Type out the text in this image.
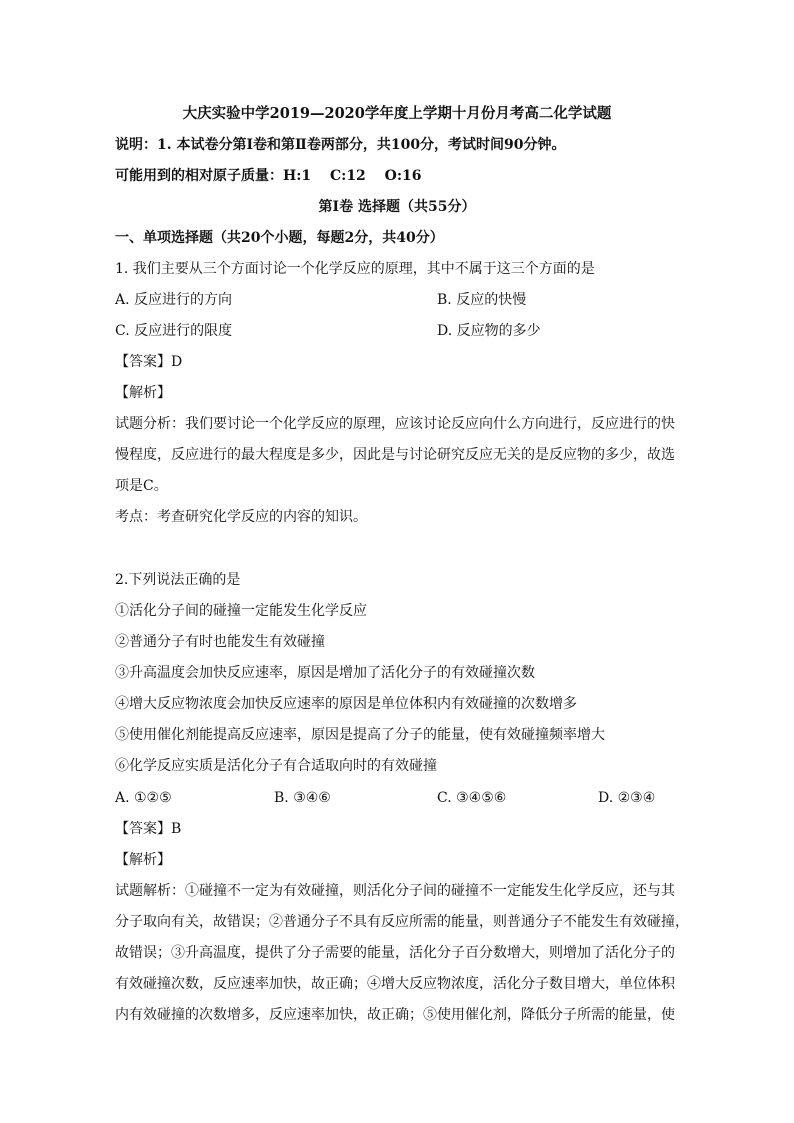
大庆实验中学2019—2020学年度上学期十月份月考高二化学试题
说明：1. 本试卷分第Ⅰ卷和第Ⅱ卷两部分，共100分，考试时间90分钟。
可能用到的相对原子质量：H:1　 C:12　 O:16
第Ⅰ卷 选择题（共55分）
一、单项选择题（共20个小题，每题2分，共40分）
1. 我们主要从三个方面讨论一个化学反应的原理，其中不属于这三个方面的是
A. 反应进行的方向	B. 反应的快慢
C. 反应进行的限度	D. 反应物的多少
【答案】D
【解析】
试题分析：我们要讨论一个化学反应的原理，应该讨论反应向什么方向进行，反应进行的快
慢程度，反应进行的最大程度是多少，因此是与讨论研究反应无关的是反应物的多少，故选
项是C。
考点：考查研究化学反应的内容的知识。
2.下列说法正确的是
①活化分子间的碰撞一定能发生化学反应
②普通分子有时也能发生有效碰撞
③升高温度会加快反应速率，原因是增加了活化分子的有效碰撞次数
④增大反应物浓度会加快反应速率的原因是单位体积内有效碰撞的次数增多
⑤使用催化剂能提高反应速率，原因是提高了分子的能量，使有效碰撞频率增大
⑥化学反应实质是活化分子有合适取向时的有效碰撞
A. ①②⑤	B. ③④⑥	C. ③④⑤⑥	D. ②③④
【答案】B
【解析】
试题解析：①碰撞不一定为有效碰撞，则活化分子间的碰撞不一定能发生化学反应，还与其
分子取向有关，故错误；②普通分子不具有反应所需的能量，则普通分子不能发生有效碰撞，
故错误；③升高温度，提供了分子需要的能量，活化分子百分数增大，则增加了活化分子的
有效碰撞次数，反应速率加快，故正确；④增大反应物浓度，活化分子数目增大，单位体积
内有效碰撞的次数增多，反应速率加快，故正确；⑤使用催化剂，降低分子所需的能量，使
